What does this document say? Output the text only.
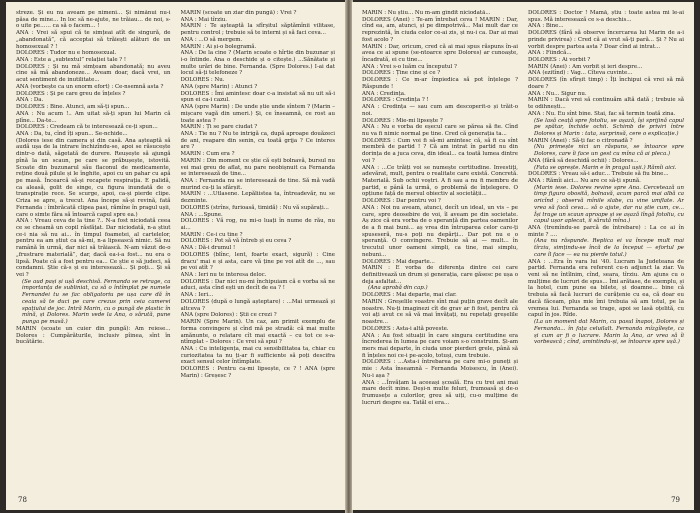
streze. Și eu nu aveam pe nimeni... Și nimănui nu-i păsa de mine... In loc să ne-ajute, ne trăiau… de noi, s-o uite pe…… ca să o facem… !

ANA : Vrei să spui că te simțeai atît de singură, de „abandonată”, că acceptai să trăiești alături de un homosexual ? !

DOLORES : Tudor nu e homosexual.

ANA : Este a „subtextul” relației tale ? !

DOLORES : Și nu mă simțeam abandonată; nu aveu cine să mă abandoneze... Aveam doar, dacă vrei, un acut sentiment de inutilitate...

ANA (vorbește ca un enorm efort) : Ce-nsemnă asta ?

DOLORES : Și pe care greu de înțeles ?

ANA : Da.

DOLORES : Bine. Atunci, am să-ți spun...

ANA : Nu acum !.. Am uitat să-ți spun lui Marin că plîne... Da-te...

DOLORES : Credeam că te interesează ce-ți spun...

ANA : Da, tu, cînd îți spun... Se-nchide...

(Dolores iese din camera și din casă. Ana așteaptă să audă ușa de la intrare închizîndu-se, apoi se răsucește dintr-o dată, săgetată de durere. Reușește să ajungă pînă la un scaun, pe care se prăbușește, istovită. Scoate din buzunarul său flaconul de medicamente, reține două pilule și le înghite, apoi cu un pahar cu apă pe masă. Încearcă să-și recapete respirația. E palidă, ca aleasă, golit de singe, cu figura inundată de o transpirație rece. Se scurge, apoi, ca-și pierde clipe. Criza se apre, a trecut. Ana începe să-și revină, fată Fernanda : îmbrăcată clipea pasi, rămîne în pragul ușii, care o simte făra să întoarcă capul spre ea.)

ANA : Vreau ceva de la tine ?.. N-a fost niciodată ceea ce se cheamă un copil răsfățat. Dar niciodată, n-a știut ce-i nia să nu ai... în timpul foametei, al cartelelor, pentru ea am știut ca să-mi, n-a lipsească nimic. Să nu ramână în urmă, dar nici să trăiască. N-am văzut de-o „frustrare materială”, dar, dacă ea-i-a fost... nu era o lipsă. Poate că a fost pentru ea... Ce știe e să judeci, să condamni. Știe că-s și eu interesează... Și poți... Și să vei ?

(Se aud pași și ușă deschisă. Fernanda se retrage, ca importanța de subliniat, ca să o întîmplat pe numele Fernandei tu se fac obligatoriu pe ușa care dă în ceaia să te duci pe care crezus prin ceia camerei spațiului de joc. Intră Marin, cu o pungă de plastic în mînă, și Dolores. Marin vede la Ana, o sărută, pune punga pe masă.)

MARIN (scoate un cuier din pungă): Am reiese... Dolores : Cumpărăturile, inclusiv pîinea, sînt în bucătărie.

MARIN (scoate un ziar din pungă) : Vrei ?

ANA : Mai tîrziu.

MARIN : Te așteaptă la sfîrșitul săptămînii vilitase, pentru control ; trebuie să te interni și să faci ceva...

ANA : ...O să mergem.

MARIN : Ai și-o bolegramă.

ANA : De la cine ? (Marin scoate o hîrtie din buzunar și i-o întinde. Ana o deschide și o citește.) ...Sănătate și multe urări de bine. Fernanda. (Spre Dolores.) I-ai dat locul să-ți telefoneze ?

DOLORES : Nu.

ANA (spre Marin) : Atunci ?

DOLORES : Îmi amintesc doar c-a insistat să nu uit să-i spun ei ca-i cazul.

ANA (spre Marin) : De unde știe unde sîntem ? (Marin – mișcare vagă din umeri.) Și, ce înseamnă, ce rost au toate astea ?

MARIN : Ți se pare ciudat ?

ANA : Tie nu ? Nu te intrigă ca, după aproape douăzeci de ani, reapare din senin, cu toată grija ? Ce interes are ?

MARIN : Cum era ?

MARIN : Din moment ce știe că ești bolnavă, bursul nu vei mai greu de aflat, nu pare neobișnuit ca Fernanda se interesează de tine...

ANA : Fernanda nu se interesează de tine. Să mă vadă murind cu-ți la sfârșit.

MARIN : ...Utlasene. Lepăliistea ta, întreadevăr, nu se dezminte.

DOLORES (strîns, furioasă, timidă) : Nu vă supărați...

ANA : ...Spune.

DOLORES : Vă rog, nu mi-o luați în nume de rău, nu ai...

MARIN : Ce-i cu tine ?

DOLORES : Pot să vă întreb și eu ceva ?

ANA : Dă-i drumul !

DOLORES (blînc, lent, foarte exact, sigură) : Cine dracu' mai e și asta, care vă ține pe voi atît de ..., sau pe voi atît ?

ANA : Ieri nu te interesa deloc.

DOLORES : Dar nici nu-mi închipuiam că e vorba să ne aduci, asta cînd ești un decît de ea ? !

ANA : Ieri...

DOLORES (după o lungă așteptare) : ...Mai urmează și altceva ?

ANA (spre Dolores) : Știi ce crezi ?

MARIN (Spre Marin). Un caz, am primit exemplu de forma convingere și cînd mă pe stradă: că mai multe amănunte, o relatare cît mai exactă – cu tot ce s-a-ntîmplat – Dolores : Ce vrei să spui ?

ANA : Cu inteligența, mai cu sensibilitatea ta, chiar cu curiozitatea ta nu ți-ar fi sufficiente să poți descifra exact sensul celor întîmplate.

DOLORES : Pentru ca-mi lipsește, ce ? ! ANA (spre Marin) : Greșesc ?

78

MARIN : Nu știu... Nu m-am gîndit niciodată...

DOLORES (Anei) : Te-am întrebat ceva ! MARIN : Dar, cînd ea, am, atunci, și pe dimpotrivă... Mai mult dar ce reprezintă, în ciuda celor ce-ai zis, și nu-i ca. Dar ai mai fost acolo ?

MARIN : Dar, oricum, cred că ai mai spus răspuns în-ai avea ce ai spune (se-ntoarce spre Dolores) ar cunoaște, încadrată, ei cu tine...

ANA : Vrei s-o luăm cu începutul ?

DOLORES : Ține cine și ce ?

DOLORES : Ce m-ar împiedica să pot înțelege ? Răspunde !

ANA : Credința.

DOLORES : Credința ? !

ANA : Credința — sau cum am descoperit-o și trăit-o noi.

DOLORES : Mie-mi lipsește ?

ANA : Nu e vorba de eșecul care se părea să fie. Cînd nu va fi nimic normal pe tine. Cred că generația ta...

DOLORES : Cum voi fi să-mi amintesc că, să fi ca sînt membră de partid ! ? Că am intrat în partid nu din dorința de a juca ceva, din ideal... ca toată lumea dintre voi ?

ANA : ...Ce trăiți voi se numește certitudine. Investiți, adevărat, mult, pentru o realitate care există. Concretă. Materială. Sub ochii voștri. A fi sau a nu fi membru de partid, e până la urmă, o problemă de înțelegere. O opțiune față de mersul obiectiv al societății...

DOLORES : Dar pentru voi ?

ANA : Noi nu aveam, atunci, decît un ideal, un vis – pe care, spre deosebire de voi, îl aveam pe din societate. Aș zice că era vorba de o speranță din partea oamenilor de a fi mai buni... aș vrea din întruparea celor care-ți spuseseră, nu-s poți nu depărți... Dar pot nu e o speranță. O convingere. Trebuie să ai — mult... în trecutul unor oameni simpli, ca tine, mai simplu, nebuni...

DOLORES : Mai departe...

MARIN : E vorba de diferența dintre cei care definitivează un drum și generația, care găsesc pe ușa o deja asfaltat...

(Ana aprobă din cap.)

DOLORES : Mai departe, mai clar.

MARIN : Greșelile voastre sînt mai puțin grave decît ale noastre. Nu-ți imaginezi cît de grav ar fi fost, pentru că voi ați avut ce să vă mai învățați, nu repetați greșelile noastre...

DOLORES : Asta-i altă poveste.

ANA : Au fost situații în care singura certitudine era încrederea în lumea pe care voiam s-o construim. Și-am mers mai departe, în ciuda unor pierderi grele, până să fi înțeles noi ce-i pe-acolo, totuși, cum trebuie.

DOLORES : ...Asta-i întrebarea pe care mi-o puneți și mie : Asta înseamnă – Fernanda Moisescu, în (Anei). Nu-i așa ?

ANA : ...Învățam la aceeași școală. Era cu trei ani mai mare decît mine. Deși-n multe feluri, frumoasă și de-o frumusețe a culorilor, greu să uiți, cu-o mulțime de lucruri despre ea. Tatăl ei era...

DOLORES : Doctor ! Mamă, știu : toate astea mi le-ai spus. Mă interesează ce s-a deschis...

ANA : Bine...

DOLORES (fără să observe încercarea lui Marin de a-i prinde privirea) : Cred că ai vrut să-ți pară... Și ? Nu ai vorbit despre partea asta ? Doar cînd ai intrat...

ANA : Fiindcă...

DOLORES : Ai vorbit ?

MARIN (Anei) : Am vorbit și ieri despre...

ANA (ezitînd) : Vag... Cîteva cuvinte...

DOLORES (în sfîrșit timp) : Îți închipui că vrei să mă doare ?

ANA : Nu... Sigur nu.

MARIN : Dacă vrei să continuăm altă dată ; trebuie să te odihnești...

ANA : Nu. Eu sînt bine. Stai, fac să termin toată zina.

(Se lasă ceață spre fotoliu, se așază, își sprijină capul pe spătar, închide ochii. Schimb de priviri între Dolores și Marin : tata, surprinsă, cere o explicație.)

MARIN (Anei) : Să-ți fac o citronadă ?

(Nu primește nici un răspuns, se întoarce spre Dolores, care îi face un gest cu mîna că ai pleca.)

ANA (fără să deschidă ochii) : Dolores...

(Fata se oprește. Marin e în pragul ușii.) Rămîi aici.

DOLORES : Vreau să-i aduc... Trebuie să fiu bine...

ANA : Rămîi aici... Nu are ce să-ți spună.

(Marin iese. Dolores revine spre Ana. Cercetează un timp figura obosită, bolnavă, acum parcă mai albă ca oricînd ; observă mînile slabe, cu vine umflate. Ar vrea să facă ceva... să o ajute, dar nu știe cum, ce... Își trage un scaun aproape și se așază lîngă fotoliu, cu capul ușor aplecat, îi sărută mîna.)

ANA (tremîndu-se parcă de întrebare) : La ce ai în minte ? ....

(Ana nu răspunde. Replica ei va începe mult mai tîrziu, simțindu-se încă de la început — efortul pe care îl face — ea nu pierde totul.)

ANA : ...Era în vara lui '40. Lucram la Judeteana de partid. Fernanda era referent cu-n adjunct la ziar. Va veni să ne întîlnim, cînd, seara, tîrziu. Am ajuns cu o mulțime de lucruri de spus... Îmi arătase, de exemplu, și la hotel, cum pune ea bilete, și doamne... bine că trebuia să facă lucruri de curățenie cu ea, că doar eu dacă făceam, plus mie îmi trebuia să am totul, pe la vremea lui. Fernanda se trage, apoi se lasă oțelită, cu capul în jos. Rîde.

(La un moment dat Marin, cu pasul înapoi, Dolores și Fernanda... în fața celuilalt. Fernanda mîzgîlește, ca și cum ar fi o lucrare. Marin la Ana, ar vrea să îi vorbească ; cînd, amintindu-și, se întoarce spre ușă.)

79
